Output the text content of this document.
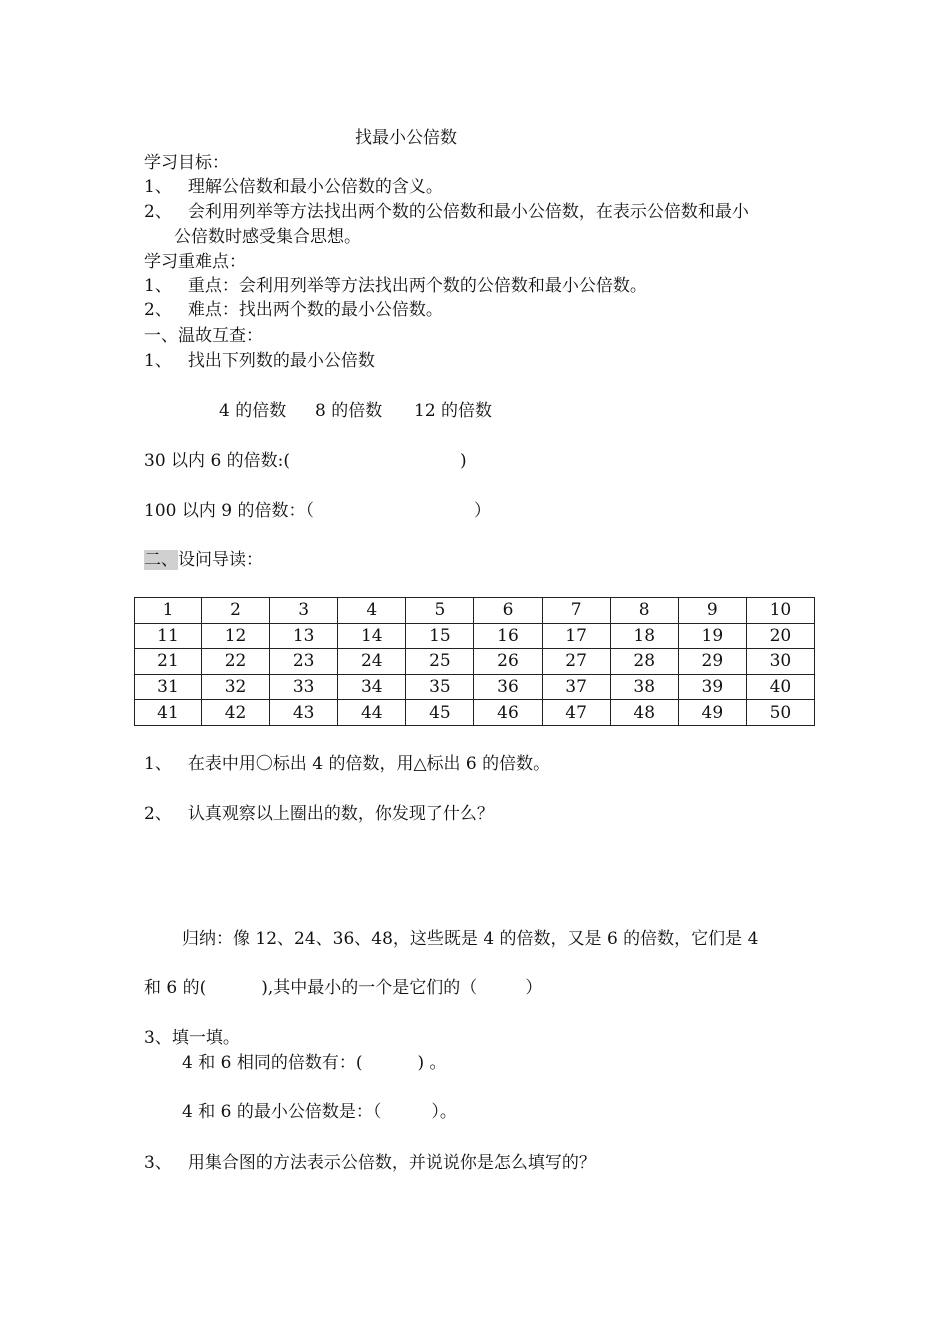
找最小公倍数
学习目标：
1、 理解公倍数和最小公倍数的含义。
2、 会利用列举等方法找出两个数的公倍数和最小公倍数，在表示公倍数和最小
公倍数时感受集合思想。
学习重难点：
1、 重点：会利用列举等方法找出两个数的公倍数和最小公倍数。
2、 难点：找出两个数的最小公倍数。
一、温故互查：
1、 找出下列数的最小公倍数
4 的倍数 8 的倍数 12 的倍数
30 以内 6 的倍数:(	)
100 以内 9 的倍数：（	）
二、设问导读：
1	2	3	4	5	6	7	8	9	10
11	12	13	14	15	16	17	18	19	20
21	22	23	24	25	26	27	28	29	30
31	32	33	34	35	36	37	38	39	40
41	42	43	44	45	46	47	48	49	50
1、 在表中用〇标出 4 的倍数，用△标出 6 的倍数。
2、 认真观察以上圈出的数，你发现了什么？
归纳：像 12、24、36、48，这些既是 4 的倍数，又是 6 的倍数，它们是 4
和 6 的(	),其中最小的一个是它们的（	）
3、填一填。
4 和 6 相同的倍数有：(	) 。
4 和 6 的最小公倍数是：（	）。
3、 用集合图的方法表示公倍数，并说说你是怎么填写的？
